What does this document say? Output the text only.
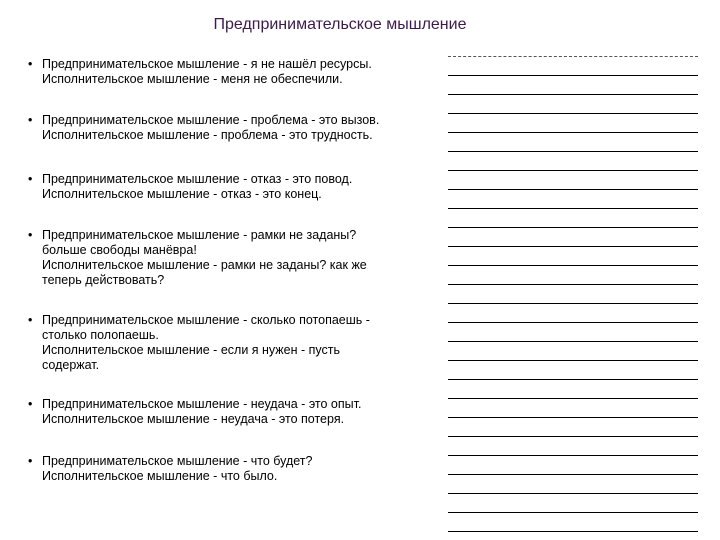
Предпринимательское мышление
• Предпринимательское мышление - я не нашёл ресурсы.
Исполнительское мышление - меня не обеспечили.
• Предпринимательское мышление - проблема - это вызов.
Исполнительское мышление - проблема - это трудность.
• Предпринимательское мышление - отказ - это повод.
Исполнительское мышление - отказ - это конец.
• Предпринимательское мышление - рамки не заданы?
больше свободы манёвра!
Исполнительское мышление - рамки не заданы? как же
теперь действовать?
• Предпринимательское мышление - сколько потопаешь -
столько полопаешь.
Исполнительское мышление - если я нужен - пусть
содержат.
• Предпринимательское мышление - неудача - это опыт.
Исполнительское мышление - неудача - это потеря.
• Предпринимательское мышление - что будет?
Исполнительское мышление - что было.
